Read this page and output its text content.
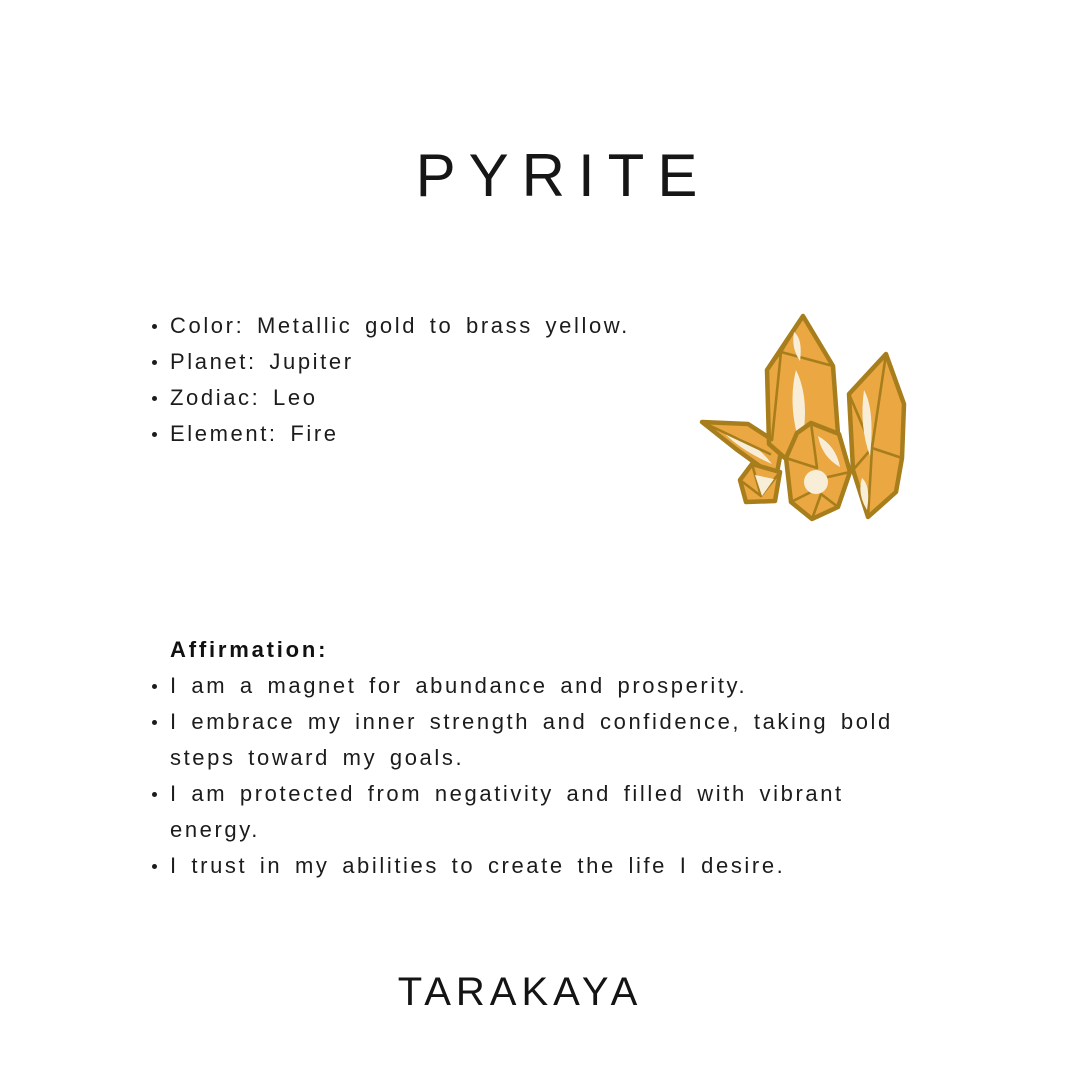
PYRITE
Color: Metallic gold to brass yellow.
Planet: Jupiter
Zodiac: Leo
Element: Fire
Affirmation:
I am a magnet for abundance and prosperity.
I embrace my inner strength and confidence, taking bold steps toward my goals.
I am protected from negativity and filled with vibrant energy.
I trust in my abilities to create the life I desire.
TARAKAYA
